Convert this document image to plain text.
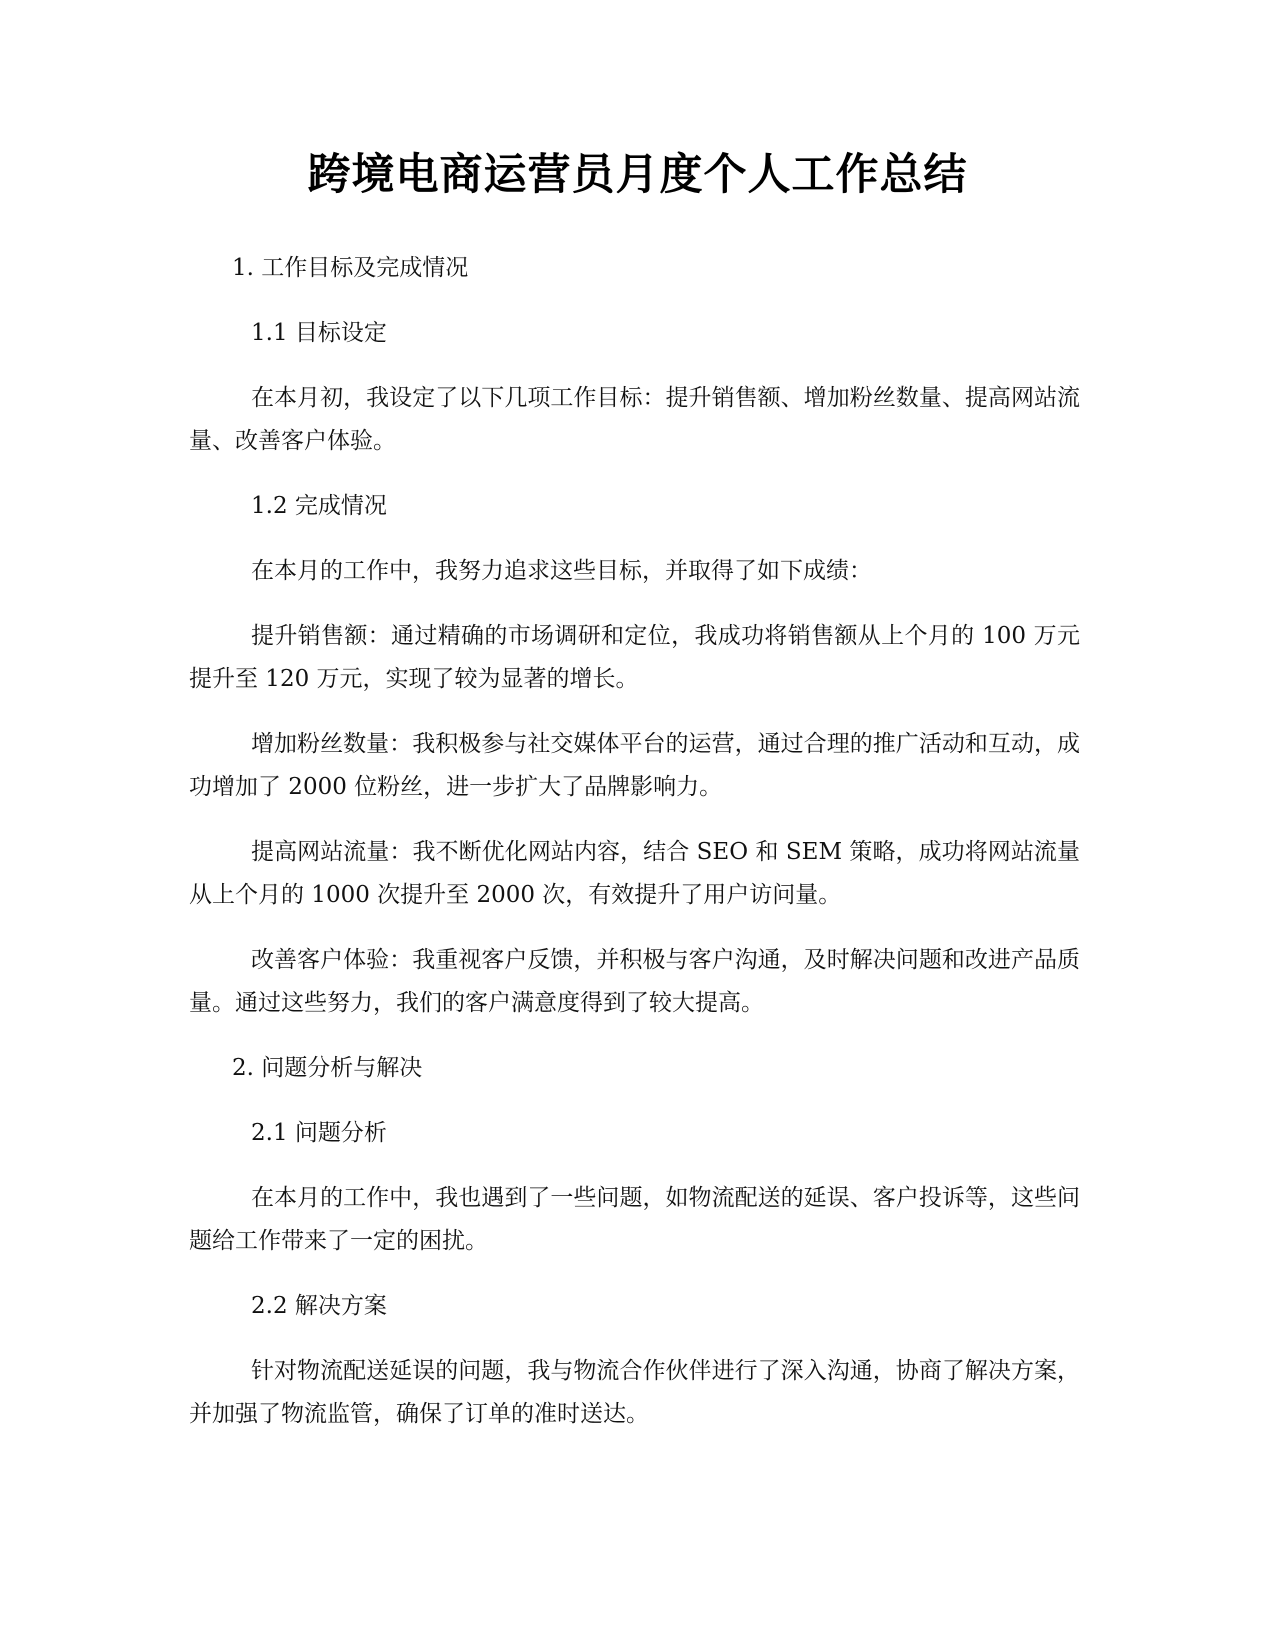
跨境电商运营员月度个人工作总结

1. 工作目标及完成情况

1.1 目标设定

在本月初，我设定了以下几项工作目标：提升销售额、增加粉丝数量、提高网站流量、改善客户体验。

1.2 完成情况

在本月的工作中，我努力追求这些目标，并取得了如下成绩：

提升销售额：通过精确的市场调研和定位，我成功将销售额从上个月的 100 万元提升至 120 万元，实现了较为显著的增长。

增加粉丝数量：我积极参与社交媒体平台的运营，通过合理的推广活动和互动，成功增加了 2000 位粉丝，进一步扩大了品牌影响力。

提高网站流量：我不断优化网站内容，结合 SEO 和 SEM 策略，成功将网站流量从上个月的 1000 次提升至 2000 次，有效提升了用户访问量。

改善客户体验：我重视客户反馈，并积极与客户沟通，及时解决问题和改进产品质量。通过这些努力，我们的客户满意度得到了较大提高。

2. 问题分析与解决

2.1 问题分析

在本月的工作中，我也遇到了一些问题，如物流配送的延误、客户投诉等，这些问题给工作带来了一定的困扰。

2.2 解决方案

针对物流配送延误的问题，我与物流合作伙伴进行了深入沟通，协商了解决方案，并加强了物流监管，确保了订单的准时送达。
